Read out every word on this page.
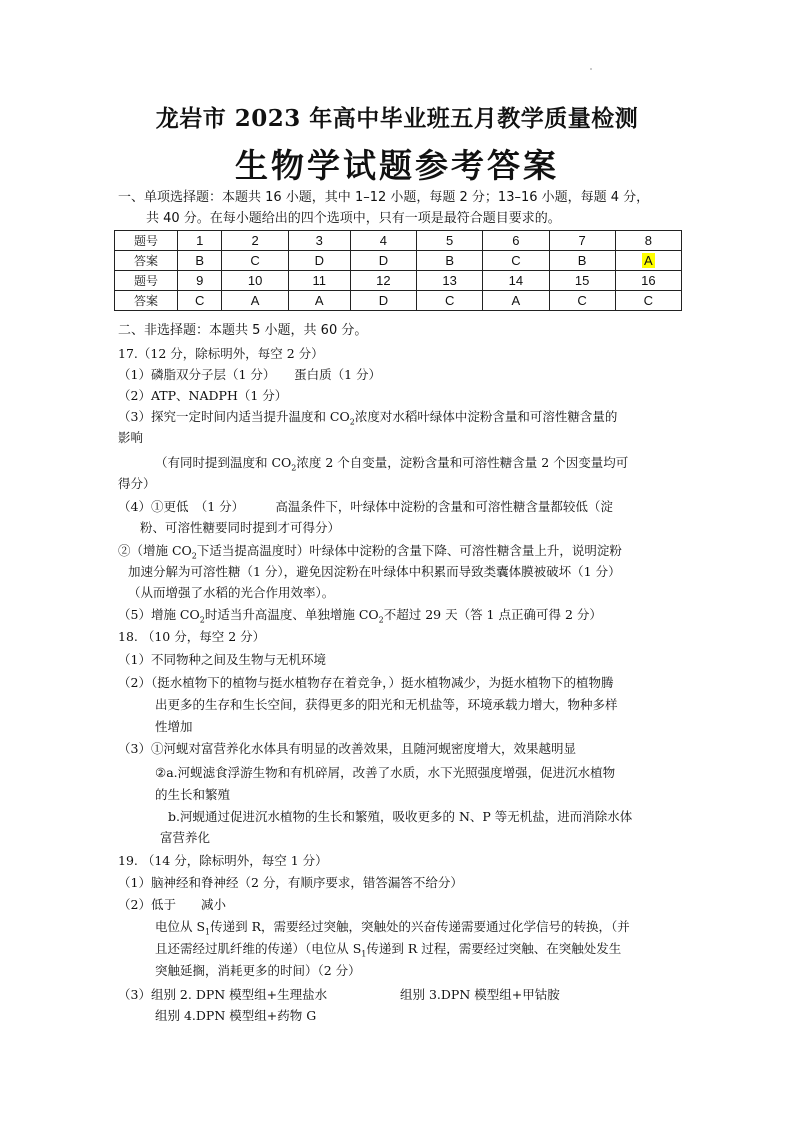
龙岩市 2023 年高中毕业班五月教学质量检测
生物学试题参考答案
一、单项选择题：本题共 16 小题，其中 1–12 小题，每题 2 分；13–16 小题，每题 4 分，
共 40 分。在每小题给出的四个选项中，只有一项是最符合题目要求的。
题号	1	2	3	4	5	6	7	8
答案	B	C	D	D	B	C	B	A
题号	9	10	11	12	13	14	15	16
答案	C	A	A	D	C	A	C	C
二、非选择题：本题共 5 小题，共 60 分。
17.（12 分，除标明外，每空 2 分）
（1）磷脂双分子层（1 分）　　蛋白质（1 分）
（2）ATP、NADPH（1 分）
（3）探究一定时间内适当提升温度和 $CO_2$浓度对水稻叶绿体中淀粉含量和可溶性糖含量的
影响
（有同时提到温度和 $CO_2$浓度 2 个自变量，淀粉含量和可溶性糖含量 2 个因变量均可
得分）
（4）①更低　（1 分）　　　高温条件下，叶绿体中淀粉的含量和可溶性糖含量都较低（淀
粉、可溶性糖要同时提到才可得分）
②（增施 $CO_2$下适当提高温度时）叶绿体中淀粉的含量下降、可溶性糖含量上升，说明淀粉
加速分解为可溶性糖（1 分），避免因淀粉在叶绿体中积累而导致类囊体膜被破坏（1 分）
（从而增强了水稻的光合作用效率）。
（5）增施 $CO_2$时适当升高温度、单独增施 $CO_2$不超过 29 天（答 1 点正确可得 2 分）
18. （10 分，每空 2 分）
（1）不同物种之间及生物与无机环境
（2）（挺水植物下的植物与挺水植物存在着竞争，）挺水植物减少，为挺水植物下的植物腾
出更多的生存和生长空间，获得更多的阳光和无机盐等，环境承载力增大，物种多样
性增加
（3）①河蚬对富营养化水体具有明显的改善效果，且随河蚬密度增大，效果越明显
②a.河蚬滤食浮游生物和有机碎屑，改善了水质，水下光照强度增强，促进沉水植物
的生长和繁殖
b.河蚬通过促进沉水植物的生长和繁殖，吸收更多的 N、P 等无机盐，进而消除水体
富营养化
19. （14 分，除标明外，每空 1 分）
（1）脑神经和脊神经（2 分，有顺序要求，错答漏答不给分）
（2）低于　　减小
电位从 $S_1$传递到 R，需要经过突触，突触处的兴奋传递需要通过化学信号的转换，（并
且还需经过肌纤维的传递）（电位从 $S_1$传递到 R 过程，需要经过突触、在突触处发生
突触延搁，消耗更多的时间）（2 分）
（3）组别 2. DPN 模型组+生理盐水	组别 3.DPN 模型组+甲钴胺
组别 4.DPN 模型组+药物 G
